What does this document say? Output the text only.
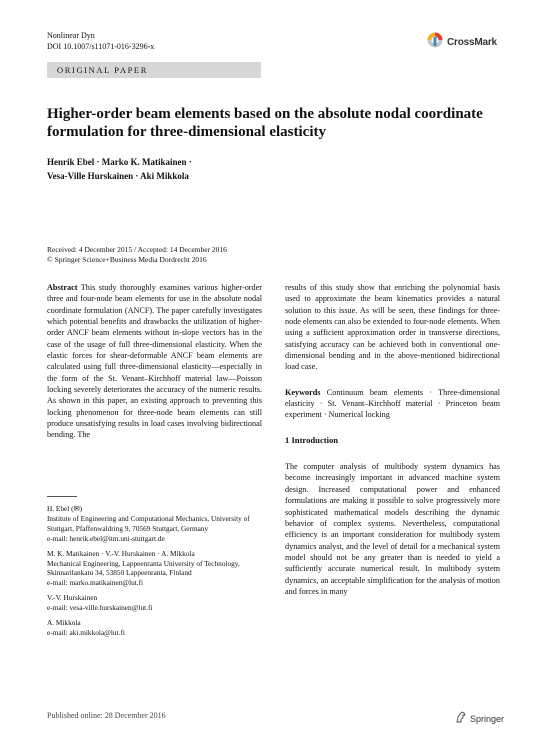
Nonlinear Dyn
DOI 10.1007/s11071-016-3296-x	CrossMark
ORIGINAL PAPER
Higher-order beam elements based on the absolute nodal coordinate formulation for three-dimensional elasticity
Henrik Ebel · Marko K. Matikainen ·
Vesa-Ville Hurskainen · Aki Mikkola
Received: 4 December 2015 / Accepted: 14 December 2016
© Springer Science+Business Media Dordrecht 2016
Abstract This study thoroughly examines various higher-order three and four-node beam elements for use in the absolute nodal coordinate formulation (ANCF). The paper carefully investigates which potential benefits and drawbacks the utilization of higher-order ANCF beam elements without in-slope vectors has in the case of the usage of full three-dimensional elasticity. When the elastic forces for shear-deformable ANCF beam elements are calculated using full three-dimensional elasticity—especially in the form of the St. Venant–Kirchhoff material law—Poisson locking severely deteriorates the accuracy of the numeric results. As shown in this paper, an existing approach to preventing this locking phenomenon for three-node beam elements can still produce unsatisfying results in load cases involving bidirectional bending. The
results of this study show that enriching the polynomial basis used to approximate the beam kinematics provides a natural solution to this issue. As will be seen, these findings for three-node elements can also be extended to four-node elements. When using a sufficient approximation order in transverse directions, satisfying accuracy can be achieved both in conventional one-dimensional bending and in the above-mentioned bidirectional load case.
Keywords Continuum beam elements · Three-dimensional elasticity · St. Venant–Kirchhoff material · Princeton beam experiment · Numerical locking
1 Introduction
The computer analysis of multibody system dynamics has become increasingly important in advanced machine system design. Increased computational power and enhanced formulations are making it possible to solve progressively more sophisticated mathematical models describing the dynamic behavior of complex systems. Nevertheless, computational efficiency is an important consideration for multibody system dynamics analyst, and the level of detail for a mechanical system model should not be any greater than is needed to yield a sufficiently accurate numerical result. In multibody system dynamics, an acceptable simplification for the analysis of motion and forces in many
H. Ebel (✉)
Institute of Engineering and Computational Mechanics, University of Stuttgart, Pfaffenwaldring 9, 70569 Stuttgart, Germany
e-mail: henrik.ebel@itm.uni-stuttgart.de
M. K. Matikainen · V.-V. Hurskainen · A. Mikkola
Mechanical Engineering, Lappeenranta University of Technology, Skinnarilankatu 34, 53850 Lappeenranta, Finland
e-mail: marko.matikainen@lut.fi
V.-V. Hurskainen
e-mail: vesa-ville.hurskainen@lut.fi
A. Mikkola
e-mail: aki.mikkola@lut.fi
Published online: 28 December 2016	Springer
